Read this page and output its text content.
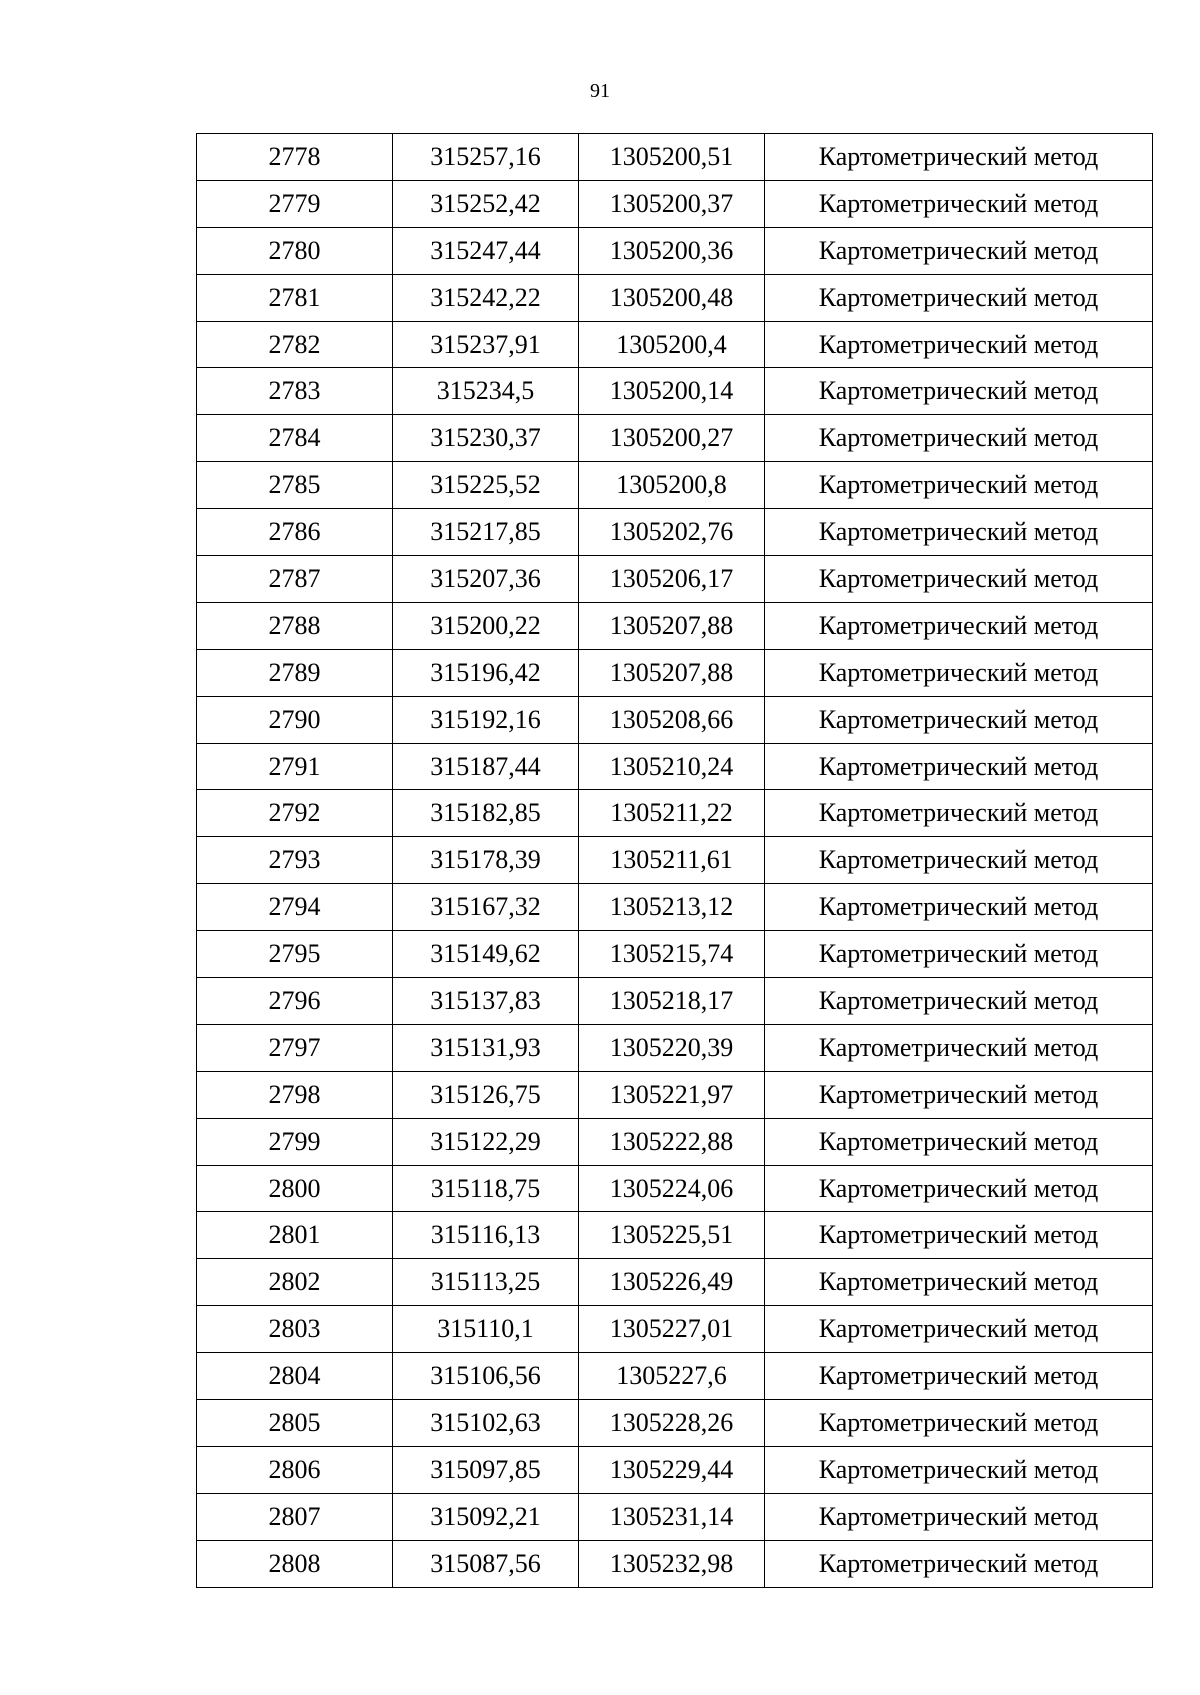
91
2778	315257,16	1305200,51	Картометрический метод
2779	315252,42	1305200,37	Картометрический метод
2780	315247,44	1305200,36	Картометрический метод
2781	315242,22	1305200,48	Картометрический метод
2782	315237,91	1305200,4	Картометрический метод
2783	315234,5	1305200,14	Картометрический метод
2784	315230,37	1305200,27	Картометрический метод
2785	315225,52	1305200,8	Картометрический метод
2786	315217,85	1305202,76	Картометрический метод
2787	315207,36	1305206,17	Картометрический метод
2788	315200,22	1305207,88	Картометрический метод
2789	315196,42	1305207,88	Картометрический метод
2790	315192,16	1305208,66	Картометрический метод
2791	315187,44	1305210,24	Картометрический метод
2792	315182,85	1305211,22	Картометрический метод
2793	315178,39	1305211,61	Картометрический метод
2794	315167,32	1305213,12	Картометрический метод
2795	315149,62	1305215,74	Картометрический метод
2796	315137,83	1305218,17	Картометрический метод
2797	315131,93	1305220,39	Картометрический метод
2798	315126,75	1305221,97	Картометрический метод
2799	315122,29	1305222,88	Картометрический метод
2800	315118,75	1305224,06	Картометрический метод
2801	315116,13	1305225,51	Картометрический метод
2802	315113,25	1305226,49	Картометрический метод
2803	315110,1	1305227,01	Картометрический метод
2804	315106,56	1305227,6	Картометрический метод
2805	315102,63	1305228,26	Картометрический метод
2806	315097,85	1305229,44	Картометрический метод
2807	315092,21	1305231,14	Картометрический метод
2808	315087,56	1305232,98	Картометрический метод
